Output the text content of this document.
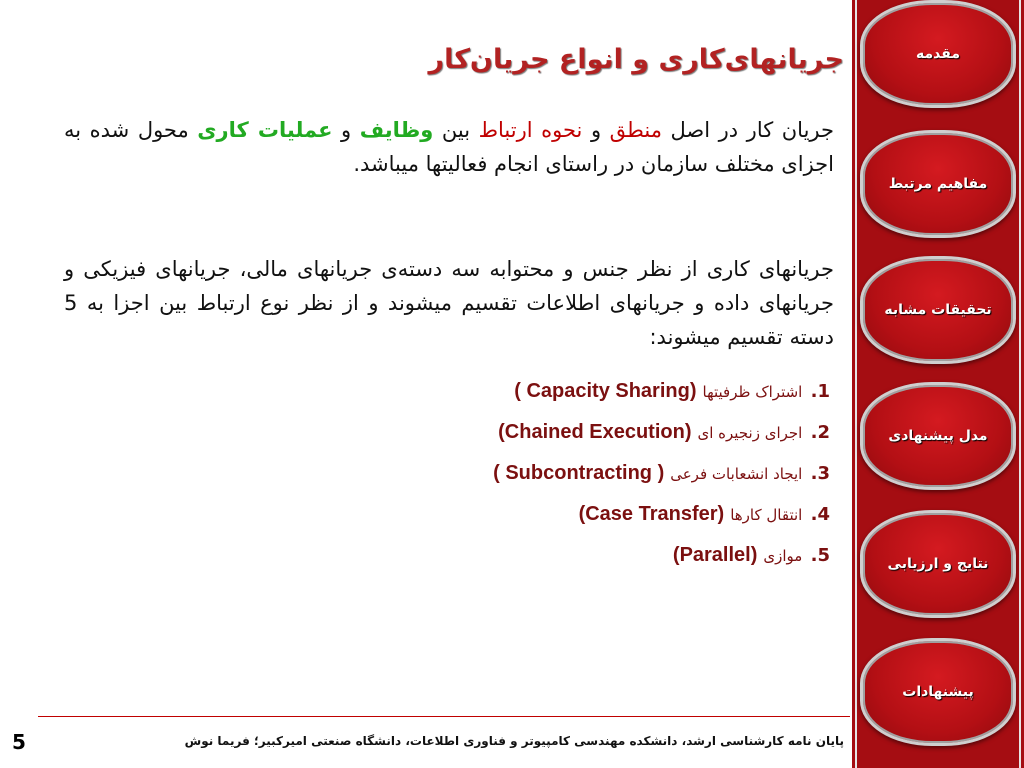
جریانهای‌کاری و انواع جریان‌کار
جریان کار در اصل منطق و نحوه ارتباط بین وظایف و عملیات کاری محول شده به اجزای مختلف سازمان در راستای انجام فعالیتها میباشد.
جریانهای کاری از نظر جنس و محتوابه سه دسته‌ی جریانهای مالی، جریانهای فیزیکی و جریانهای داده و جریانهای اطلاعات تقسیم میشوند و از نظر نوع ارتباط بین اجزا به 5 دسته تقسیم میشوند:
1. اشتراک ظرفیتها(Capacity Sharing )
2. اجرای زنجیره ای(Chained Execution)
3. ایجاد انشعابات فرعی( Subcontracting )
4. انتقال کارها(Case Transfer)
5. موازی(Parallel)
5	پایان نامه کارشناسی ارشد، دانشکده مهندسی کامپیوتر و فناوری اطلاعات، دانشگاه صنعتی امیرکبیر؛ فریما نوش
مقدمه
مفاهیم مرتبط
تحقیقات مشابه
مدل پیشنهادی
نتایج و ارزیابی
پیشنهادات
